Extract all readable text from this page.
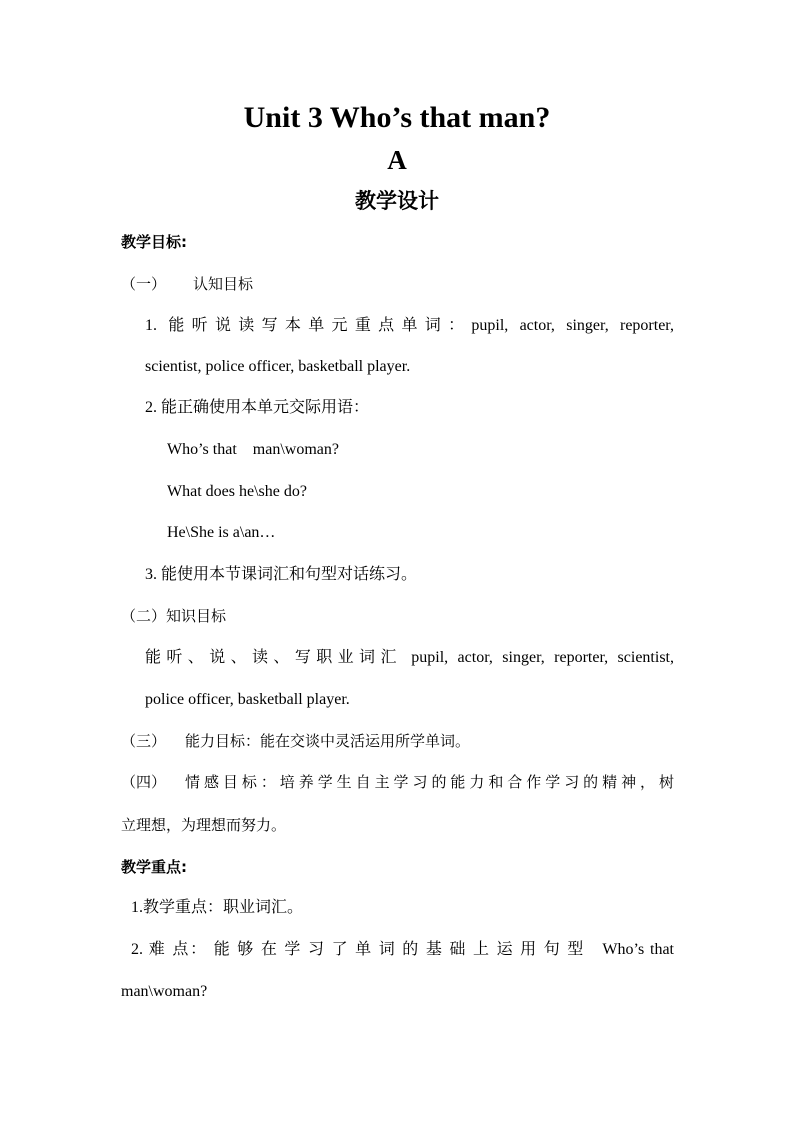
Unit 3 Who’s that man?
A
教学设计
教学目标:
（一） 认知目标
1. 能听说读写本单元重点单词：pupil, actor, singer, reporter,
scientist, police officer, basketball player.
2. 能正确使用本单元交际用语：
Who’s that    man\woman?
What does he\she do?
He\She is a\an…
3. 能使用本节课词汇和句型对话练习。
（二）知识目标
能听、说、读、写职业词汇 pupil, actor, singer, reporter, scientist,
police officer, basketball player.
（三） 能力目标：能在交谈中灵活运用所学单词。
（四） 情感目标：培养学生自主学习的能力和合作学习的精神，树
立理想，为理想而努力。
教学重点:
1.教学重点：职业词汇。
2. 难 点： 能 够 在 学 习 了 单 词 的 基 础 上 运 用 句 型   Who’s that
man\woman?
